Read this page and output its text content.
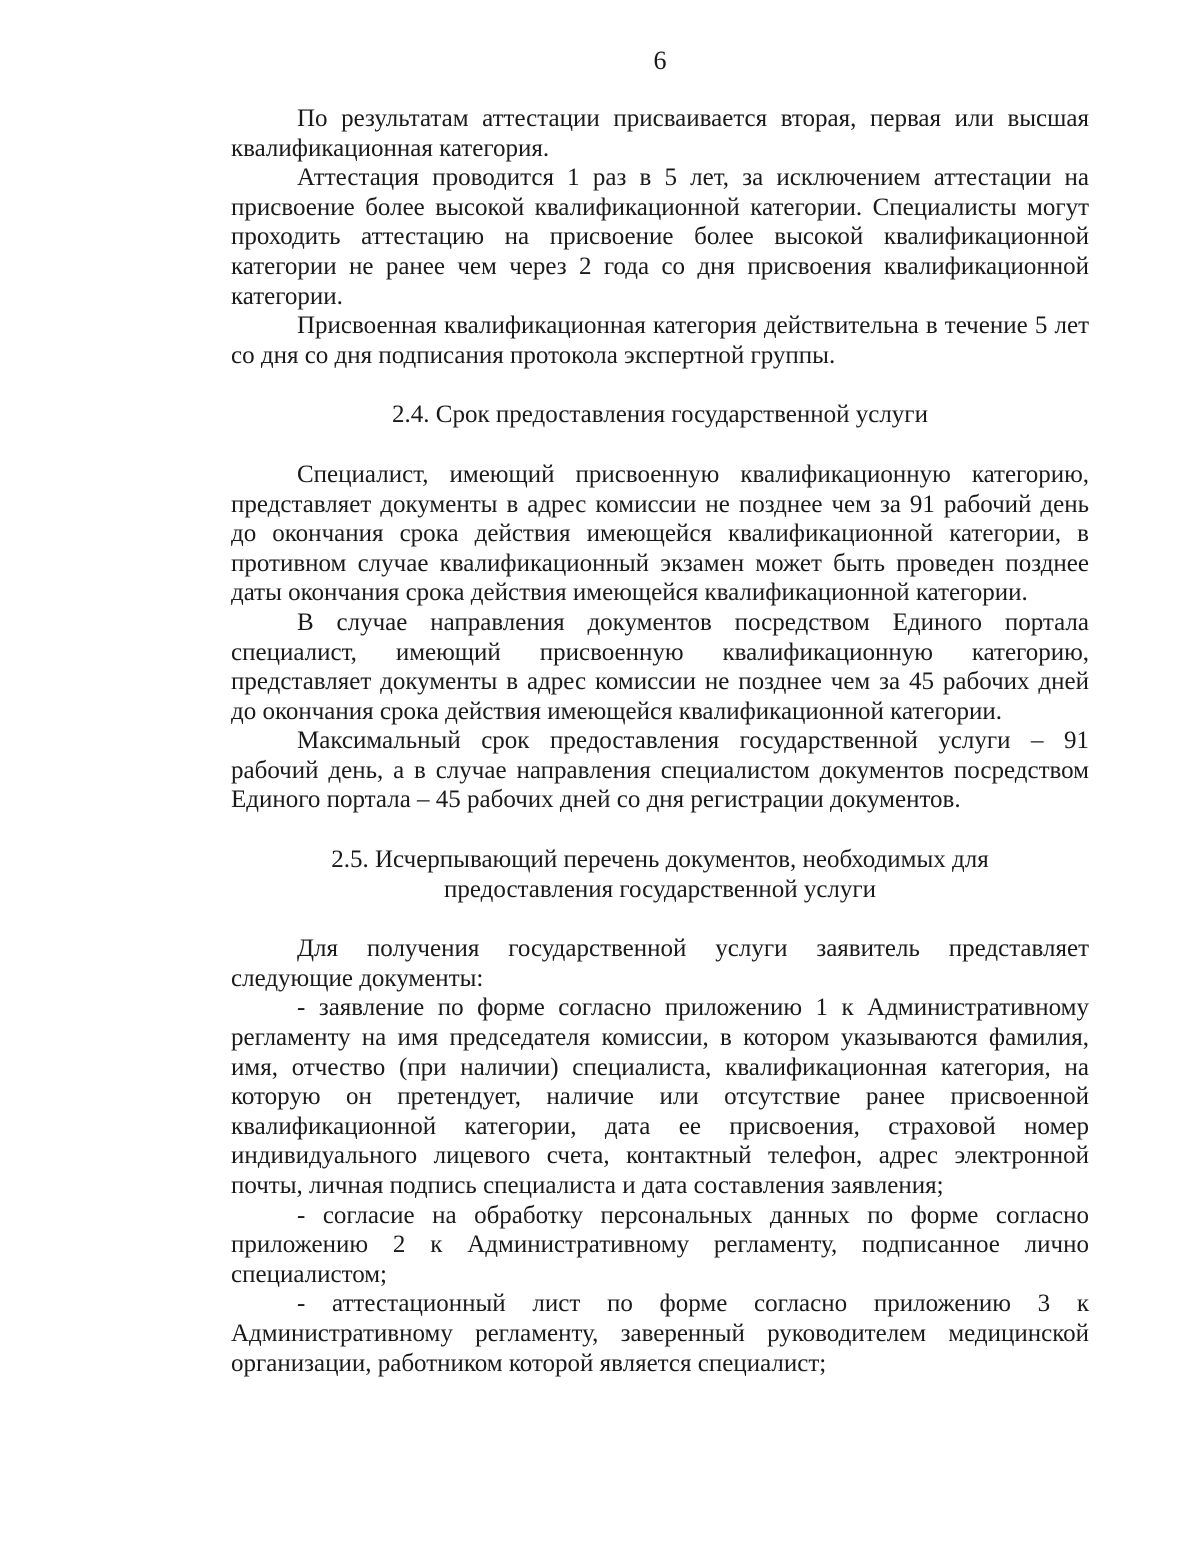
6

По результатам аттестации присваивается вторая, первая или высшая квалификационная категория.

Аттестация проводится 1 раз в 5 лет, за исключением аттестации на присвоение более высокой квалификационной категории. Специалисты могут проходить аттестацию на присвоение более высокой квалификационной категории не ранее чем через 2 года со дня присвоения квалификационной категории.

Присвоенная квалификационная категория действительна в течение 5 лет со дня со дня подписания протокола экспертной группы.

2.4. Срок предоставления государственной услуги

Специалист, имеющий присвоенную квалификационную категорию, представляет документы в адрес комиссии не позднее чем за 91 рабочий день до окончания срока действия имеющейся квалификационной категории, в противном случае квалификационный экзамен может быть проведен позднее даты окончания срока действия имеющейся квалификационной категории.

В случае направления документов посредством Единого портала специалист, имеющий присвоенную квалификационную категорию, представляет документы в адрес комиссии не позднее чем за 45 рабочих дней до окончания срока действия имеющейся квалификационной категории.

Максимальный срок предоставления государственной услуги – 91 рабочий день, а в случае направления специалистом документов посредством Единого портала – 45 рабочих дней со дня регистрации документов.

2.5. Исчерпывающий перечень документов, необходимых для
предоставления государственной услуги

Для получения государственной услуги заявитель представляет следующие документы:

- заявление по форме согласно приложению 1 к Административному регламенту на имя председателя комиссии, в котором указываются фамилия, имя, отчество (при наличии) специалиста, квалификационная категория, на которую он претендует, наличие или отсутствие ранее присвоенной квалификационной категории, дата ее присвоения, страховой номер индивидуального лицевого счета, контактный телефон, адрес электронной почты, личная подпись специалиста и дата составления заявления;

- согласие на обработку персональных данных по форме согласно приложению 2 к Административному регламенту, подписанное лично специалистом;

- аттестационный лист по форме согласно приложению 3 к Административному регламенту, заверенный руководителем медицинской организации, работником которой является специалист;
